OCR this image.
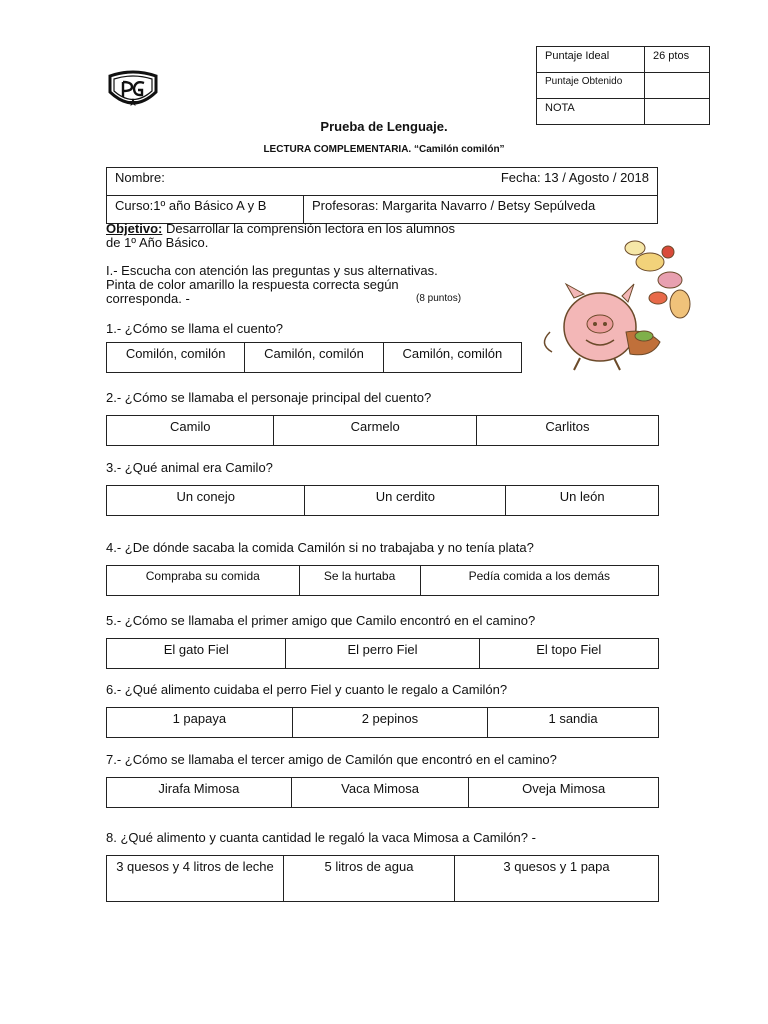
Puntaje Ideal	26 ptos
Puntaje Obtenido	
NOTA	
Prueba de Lenguaje.
LECTURA COMPLEMENTARIA. “Camilón comilón”
Nombre:	Fecha: 13 / Agosto / 2018

Curso:1º año Básico A y B	Profesoras: Margarita Navarro / Betsy Sepúlveda
Objetivo: Desarrollar la comprensión lectora en los alumnos
de 1º Año Básico.
I.- Escucha con atención las preguntas y sus alternativas.
Pinta de color amarillo la respuesta correcta según
corresponda. -	(8 puntos)
1.- ¿Cómo se llama el cuento?
Comilón, comilón	Camilón, comilón	Camilón, comilón
2.- ¿Cómo se llamaba el personaje principal del cuento?
Camilo	Carmelo	Carlitos
3.- ¿Qué animal era Camilo?
Un conejo	Un cerdito	Un león
4.- ¿De dónde sacaba la comida Camilón si no trabajaba y no tenía plata?
Compraba su comida	Se la hurtaba	Pedía comida a los demás
5.- ¿Cómo se llamaba el primer amigo que Camilo encontró en el camino?
El gato Fiel	El perro Fiel	El topo Fiel
6.- ¿Qué alimento cuidaba el perro Fiel y cuanto le regalo a Camilón?
1 papaya	2 pepinos	1 sandia
7.- ¿Cómo se llamaba el tercer amigo de Camilón que encontró en el camino?
Jirafa Mimosa	Vaca Mimosa	Oveja Mimosa
8. ¿Qué alimento y cuanta cantidad le regaló la vaca Mimosa a Camilón? -
3 quesos y 4 litros de leche	5 litros de agua	3 quesos y 1 papa
